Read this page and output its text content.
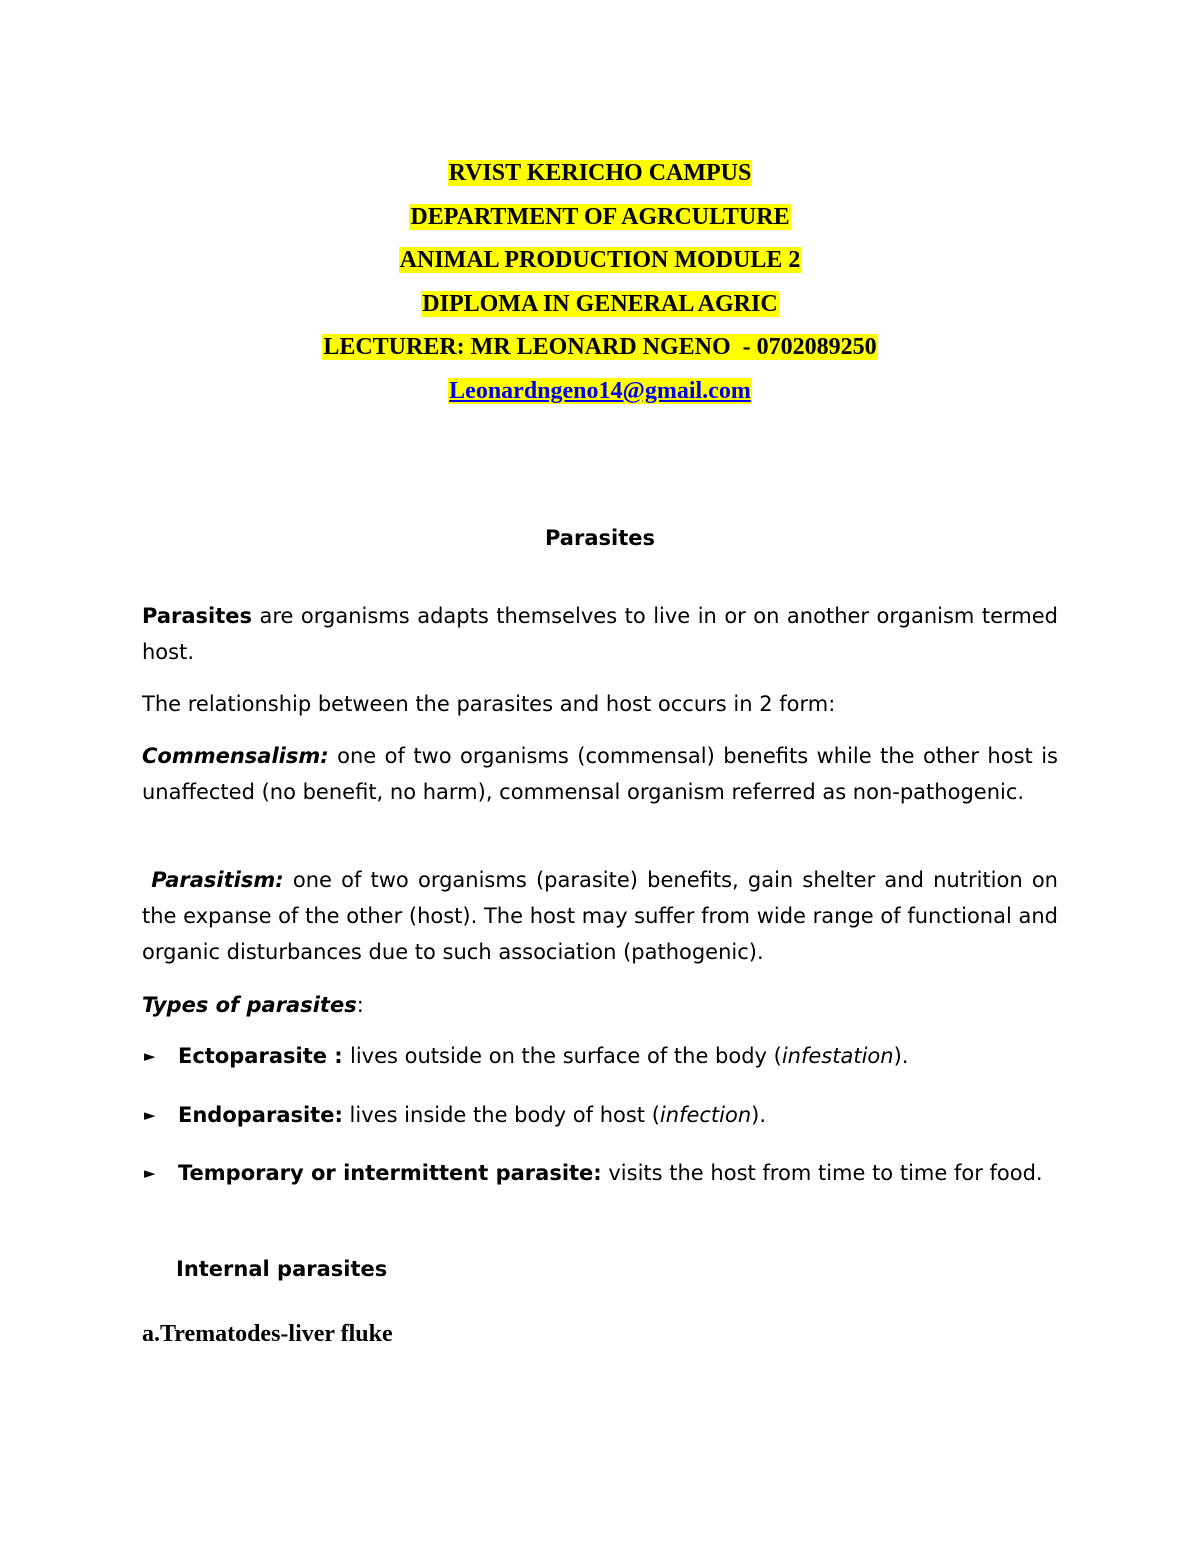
RVIST KERICHO CAMPUS
DEPARTMENT OF AGRCULTURE
ANIMAL PRODUCTION MODULE 2
DIPLOMA IN GENERAL AGRIC
LECTURER: MR LEONARD NGENO  - 0702089250
Leonardngeno14@gmail.com
Parasites
Parasites are organisms adapts themselves to live in or on another organism termed host.
The relationship between the parasites and host occurs in 2 form:
Commensalism: one of two organisms (commensal) benefits while the other host is unaffected (no benefit, no harm), commensal organism referred as non-pathogenic.
Parasitism: one of two organisms (parasite) benefits, gain shelter and nutrition on the expanse of the other (host). The host may suffer from wide range of functional and organic disturbances due to such association (pathogenic).
Types of parasites:
► Ectoparasite : lives outside on the surface of the body (infestation).
► Endoparasite: lives inside the body of host (infection).
► Temporary or intermittent parasite: visits the host from time to time for food.
Internal parasites
a.Trematodes-liver fluke
